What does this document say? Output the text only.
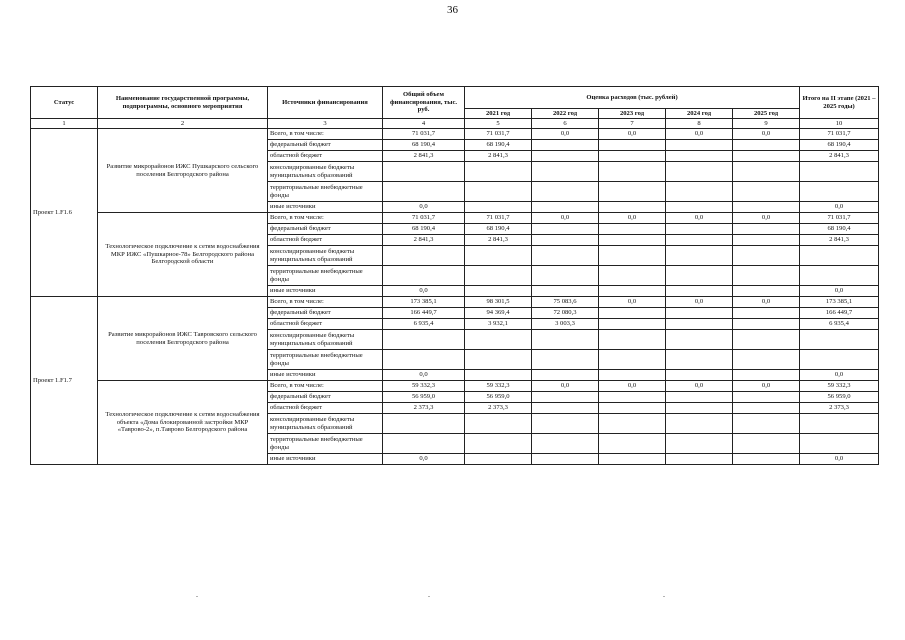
36
Статус	Наименование государственной программы, подпрограммы, основного мероприятия	Источники финансирования	Общий объем финансирования, тыс. руб.	Оценка расходов (тыс. рублей)					Итого на II этапе (2021 – 2025 годы)
				2021 год	2022 год	2023 год	2024 год	2025 год	
1	2	3	4	5	6	7	8	9	10
Проект 1.F1.6	Развитие микрорайонов ИЖС Пушкарского сельского поселения Белгородского района	Всего, в том числе:	71 031,7	71 031,7	0,0	0,0	0,0	0,0	71 031,7
		федеральный бюджет	68 190,4	68 190,4					68 190,4
		областной бюджет	2 841,3	2 841,3					2 841,3
		консолидированные бюджеты муниципальных образований							
		территориальные внебюджетные фонды							
		иные источники	0,0						0,0
	Технологическое подключение к сетям водоснабжения МКР ИЖС «Пушкарное-78» Белгородского района Белгородской области	Всего, в том числе:	71 031,7	71 031,7	0,0	0,0	0,0	0,0	71 031,7
		федеральный бюджет	68 190,4	68 190,4					68 190,4
		областной бюджет	2 841,3	2 841,3					2 841,3
		консолидированные бюджеты муниципальных образований							
		территориальные внебюджетные фонды							
		иные источники	0,0						0,0
Проект 1.F1.7	Развитие микрорайонов ИЖС Тавровского сельского поселения Белгородского района	Всего, в том числе:	173 385,1	98 301,5	75 083,6	0,0	0,0	0,0	173 385,1
		федеральный бюджет	166 449,7	94 369,4	72 080,3				166 449,7
		областной бюджет	6 935,4	3 932,1	3 003,3				6 935,4
		консолидированные бюджеты муниципальных образований							
		территориальные внебюджетные фонды							
		иные источники	0,0						0,0
	Технологическое подключение к сетям водоснабжения объекта «Дома блокированной застройки МКР «Таврово-2», п.Таврово Белгородского района	Всего, в том числе:	59 332,3	59 332,3	0,0	0,0	0,0	0,0	59 332,3
		федеральный бюджет	56 959,0	56 959,0					56 959,0
		областной бюджет	2 373,3	2 373,3					2 373,3
		консолидированные бюджеты муниципальных образований							
		территориальные внебюджетные фонды							
		иные источники	0,0						0,0
.	.	.
